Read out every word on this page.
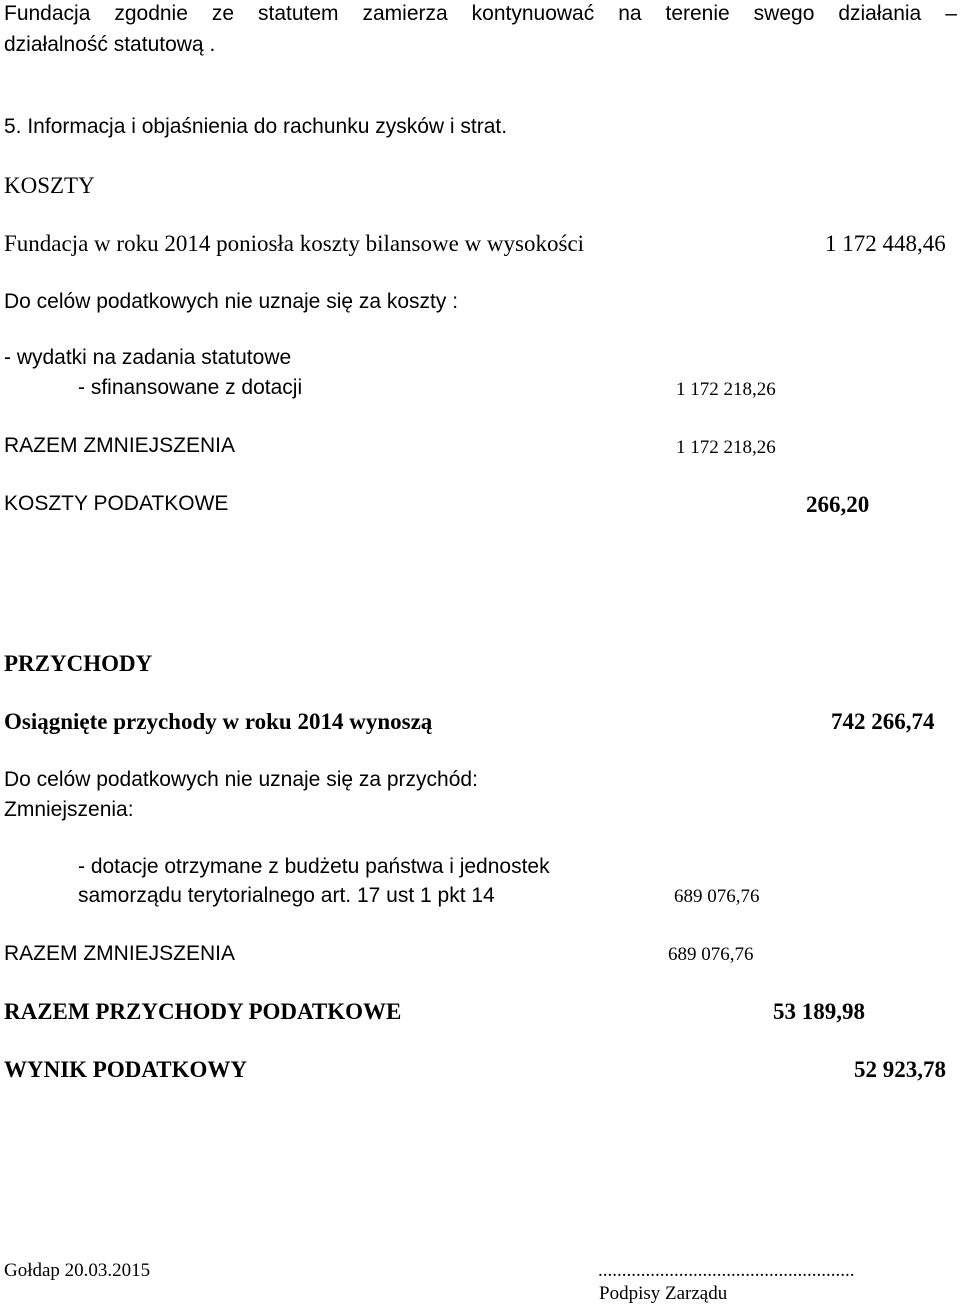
Fundacja zgodnie ze statutem zamierza kontynuować na terenie swego działania –
działalność statutową .
5. Informacja i objaśnienia do rachunku zysków i strat.
KOSZTY
Fundacja w roku 2014 poniosła koszty bilansowe w wysokości	1 172 448,46
Do celów podatkowych nie uznaje się za koszty :
- wydatki na zadania statutowe
- sfinansowane z dotacji	1 172 218,26
RAZEM ZMNIEJSZENIA	1 172 218,26
KOSZTY PODATKOWE	266,20
PRZYCHODY
Osiągnięte przychody w roku 2014 wynoszą	742 266,74
Do celów podatkowych nie uznaje się za przychód:
Zmniejszenia:
- dotacje otrzymane z budżetu państwa i jednostek
samorządu terytorialnego art. 17 ust 1 pkt 14	689 076,76
RAZEM ZMNIEJSZENIA	689 076,76
RAZEM PRZYCHODY PODATKOWE	53 189,98
WYNIK PODATKOWY	52 923,78
Gołdap 20.03.2015	......................................................
Podpisy Zarządu
